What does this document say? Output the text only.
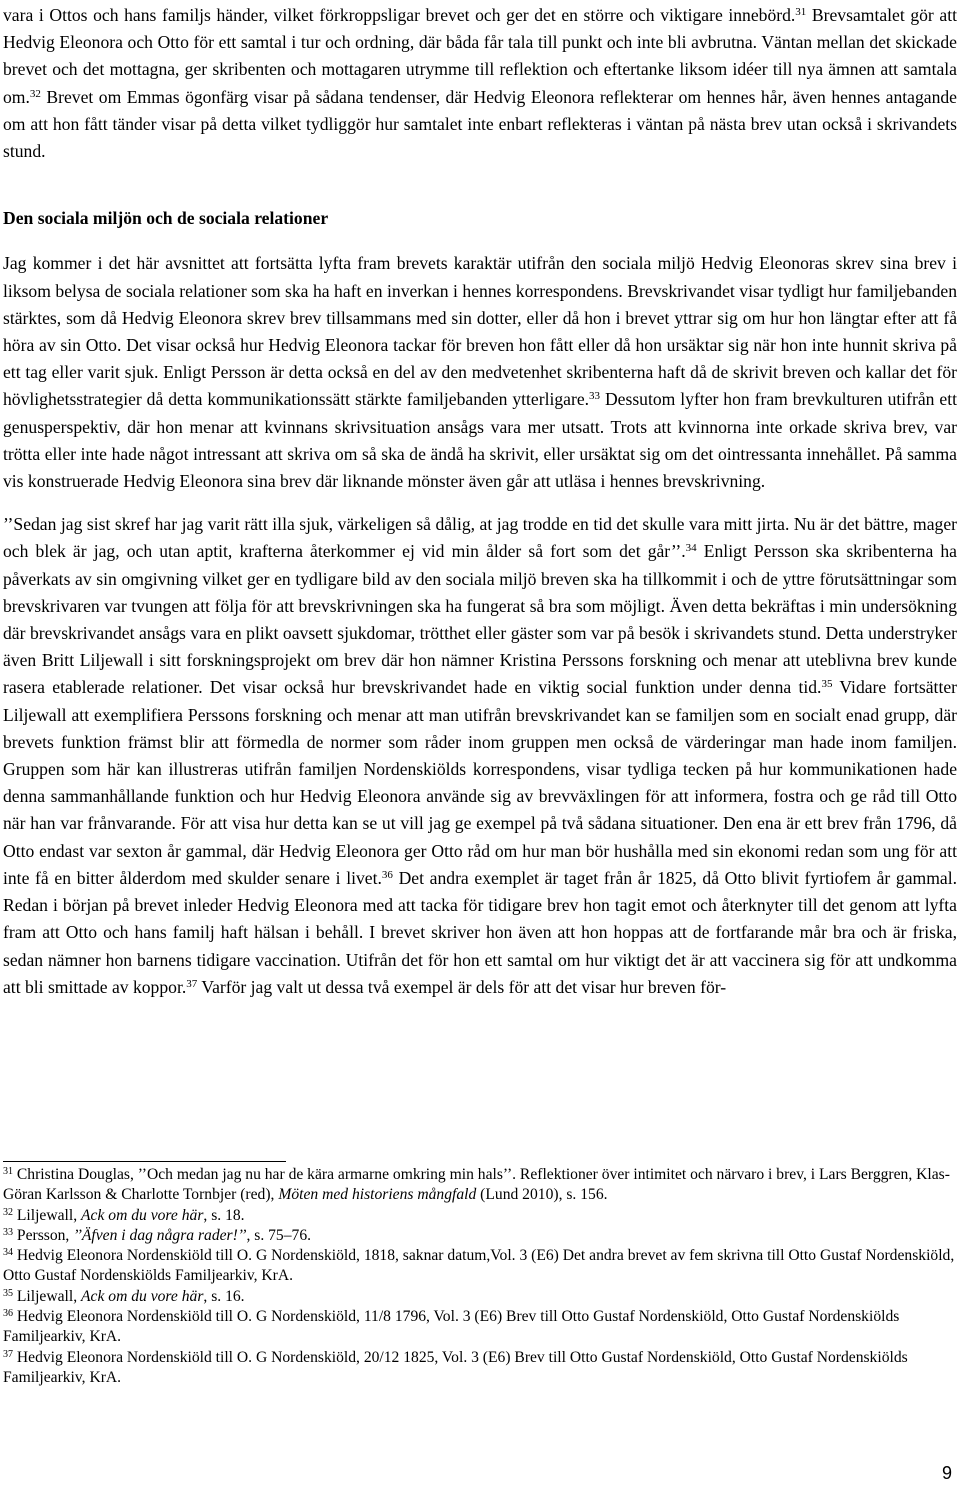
vara i Ottos och hans familjs händer, vilket förkroppsligar brevet och ger det en större och viktigare innebörd.$^{31}$ Brevsamtalet gör att Hedvig Eleonora och Otto för ett samtal i tur och ordning, där båda får tala till punkt och inte bli avbrutna. Väntan mellan det skickade brevet och det mottagna, ger skribenten och mottagaren utrymme till reflektion och eftertanke liksom idéer till nya ämnen att samtala om.$^{32}$ Brevet om Emmas ögonfärg visar på sådana tendenser, där Hedvig Eleonora reflekterar om hennes hår, även hennes antagande om att hon fått tänder visar på detta vilket tydliggör hur samtalet inte enbart reflekteras i väntan på nästa brev utan också i skrivandets stund.

Den sociala miljön och de sociala relationer

Jag kommer i det här avsnittet att fortsätta lyfta fram brevets karaktär utifrån den sociala miljö Hedvig Eleonoras skrev sina brev i liksom belysa de sociala relationer som ska ha haft en inverkan i hennes korrespondens. Brevskrivandet visar tydligt hur familjebanden stärktes, som då Hedvig Eleonora skrev brev tillsammans med sin dotter, eller då hon i brevet yttrar sig om hur hon längtar efter att få höra av sin Otto. Det visar också hur Hedvig Eleonora tackar för breven hon fått eller då hon ursäktar sig när hon inte hunnit skriva på ett tag eller varit sjuk. Enligt Persson är detta också en del av den medvetenhet skribenterna haft då de skrivit breven och kallar det för hövlighetsstrategier då detta kommunikationssätt stärkte familjebanden ytterligare.$^{33}$ Dessutom lyfter hon fram brevkulturen utifrån ett genusperspektiv, där hon menar att kvinnans skrivsituation ansågs vara mer utsatt. Trots att kvinnorna inte orkade skriva brev, var trötta eller inte hade något intressant att skriva om så ska de ändå ha skrivit, eller ursäktat sig om det ointressanta innehållet. På samma vis konstruerade Hedvig Eleonora sina brev där liknande mönster även går att utläsa i hennes brevskrivning.

’’Sedan jag sist skref har jag varit rätt illa sjuk, värkeligen så dålig, at jag trodde en tid det skulle vara mitt jirta. Nu är det bättre, mager och blek är jag, och utan aptit, krafterna återkommer ej vid min ålder så fort som det går’’.$^{34}$ Enligt Persson ska skribenterna ha påverkats av sin omgivning vilket ger en tydligare bild av den sociala miljö breven ska ha tillkommit i och de yttre förutsättningar som brevskrivaren var tvungen att följa för att brevskrivningen ska ha fungerat så bra som möjligt. Även detta bekräftas i min undersökning där brevskrivandet ansågs vara en plikt oavsett sjukdomar, trötthet eller gäster som var på besök i skrivandets stund. Detta understryker även Britt Liljewall i sitt forskningsprojekt om brev där hon nämner Kristina Perssons forskning och menar att uteblivna brev kunde rasera etablerade relationer. Det visar också hur brevskrivandet hade en viktig social funktion under denna tid.$^{35}$ Vidare fortsätter Liljewall att exemplifiera Perssons forskning och menar att man utifrån brevskrivandet kan se familjen som en socialt enad grupp, där brevets funktion främst blir att förmedla de normer som råder inom gruppen men också de värderingar man hade inom familjen. Gruppen som här kan illustreras utifrån familjen Nordenskiölds korrespondens, visar tydliga tecken på hur kommunikationen hade denna sammanhållande funktion och hur Hedvig Eleonora använde sig av brevväxlingen för att informera, fostra och ge råd till Otto när han var frånvarande. För att visa hur detta kan se ut vill jag ge exempel på två sådana situationer. Den ena är ett brev från 1796, då Otto endast var sexton år gammal, där Hedvig Eleonora ger Otto råd om hur man bör hushålla med sin ekonomi redan som ung för att inte få en bitter ålderdom med skulder senare i livet.$^{36}$ Det andra exemplet är taget från år 1825, då Otto blivit fyrtiofem år gammal. Redan i början på brevet inleder Hedvig Eleonora med att tacka för tidigare brev hon tagit emot och återknyter till det genom att lyfta fram att Otto och hans familj haft hälsan i behåll. I brevet skriver hon även att hon hoppas att de fortfarande mår bra och är friska, sedan nämner hon barnens tidigare vaccination. Utifrån det för hon ett samtal om hur viktigt det är att vaccinera sig för att undkomma att bli smittade av koppor.$^{37}$ Varför jag valt ut dessa två exempel är dels för att det visar hur breven för-

$^{31}$ Christina Douglas, ’’Och medan jag nu har de kära armarne omkring min hals’’. Reflektioner över intimitet och närvaro i brev, i Lars Berggren, Klas-Göran Karlsson & Charlotte Tornbjer (red), Möten med historiens mångfald (Lund 2010), s. 156.

$^{32}$ Liljewall, Ack om du vore här, s. 18.

$^{33}$ Persson, ’’Äfven i dag några rader!’’, s. 75–76.

$^{34}$ Hedvig Eleonora Nordenskiöld till O. G Nordenskiöld, 1818, saknar datum,Vol. 3 (E6) Det andra brevet av fem skrivna till Otto Gustaf Nordenskiöld, Otto Gustaf Nordenskiölds Familjearkiv, KrA.

$^{35}$ Liljewall, Ack om du vore här, s. 16.

$^{36}$ Hedvig Eleonora Nordenskiöld till O. G Nordenskiöld, 11/8 1796, Vol. 3 (E6) Brev till Otto Gustaf Nordenskiöld, Otto Gustaf Nordenskiölds Familjearkiv, KrA.

$^{37}$ Hedvig Eleonora Nordenskiöld till O. G Nordenskiöld, 20/12 1825, Vol. 3 (E6) Brev till Otto Gustaf Nordenskiöld, Otto Gustaf Nordenskiölds Familjearkiv, KrA.

9
